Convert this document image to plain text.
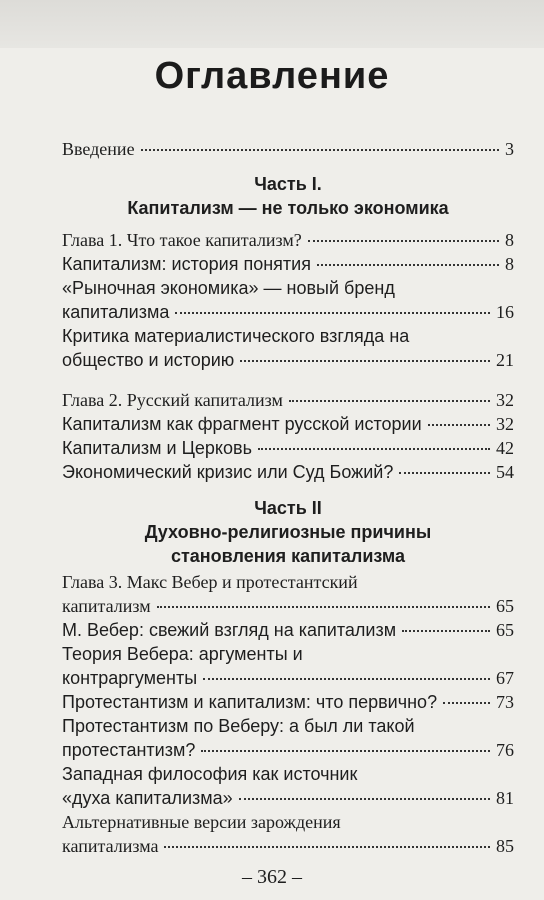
Оглавление
Введение	3
Часть I.
Капитализм — не только экономика
Глава 1. Что такое капитализм?	8
Капитализм: история понятия	8
«Рыночная экономика» — новый бренд
капитализма	16
Критика материалистического взгляда на
общество и историю	21
Глава 2. Русский капитализм	32
Капитализм как фрагмент русской истории	32
Капитализм и Церковь	42
Экономический кризис или Суд Божий?	54
Часть II
Духовно-религиозные причины
становления капитализма
Глава 3. Макс Вебер и протестантский
капитализм	65
М. Вебер: свежий взгляд на капитализм	65
Теория Вебера: аргументы и
контраргументы	67
Протестантизм и капитализм: что первично?	73
Протестантизм по Веберу: а был ли такой
протестантизм?	76
Западная философия как источник
«духа капитализма»	81
Альтернативные версии зарождения
капитализма	85
– 362 –
